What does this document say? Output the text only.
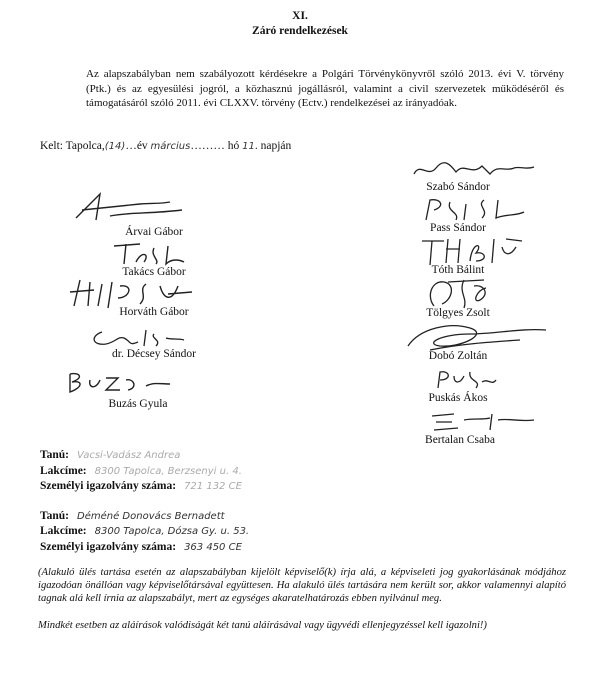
XI.
Záró rendelkezések
Az alapszabályban nem szabályozott kérdésekre a Polgári Törvénykönyvről szóló 2013. évi V. törvény (Ptk.) és az egyesülési jogról, a közhasznú jogállásról, valamint a civil szervezetek működéséről és támogatásáról szóló 2011. évi CLXXV. törvény (Ectv.) rendelkezései az irányadóak.
Kelt: Tapolca,(14)…év március……… hó 11. napján
Szabó Sándor
Árvai Gábor	Pass Sándor
Takács Gábor	Tóth Bálint
Horváth Gábor	Tölgyes Zsolt
dr. Décsey Sándor	Dobó Zoltán
Buzás Gyula	Puskás Ákos
Bertalan Csaba
Tanú: Vacsi-Vadász Andrea
Lakcíme: 8300 Tapolca, Berzsenyi u. 4.
Személyi igazolvány száma: 721 132 CE
Tanú: Déméné Donovács Bernadett
Lakcíme: 8300 Tapolca, Dózsa Gy. u. 53.
Személyi igazolvány száma: 363 450 CE
(Alakuló ülés tartása esetén az alapszabályban kijelölt képviselő(k) írja alá, a képviseleti jog gyakorlásának módjához igazodóan önállóan vagy képviselőtársával együttesen. Ha alakuló ülés tartására nem került sor, akkor valamennyi alapító tagnak alá kell írnia az alapszabályt, mert az egységes akaratelhatározás ebben nyilvánul meg.
Mindkét esetben az aláírások valódiságát két tanú aláírásával vagy ügyvédi ellenjegyzéssel kell igazolni!)
